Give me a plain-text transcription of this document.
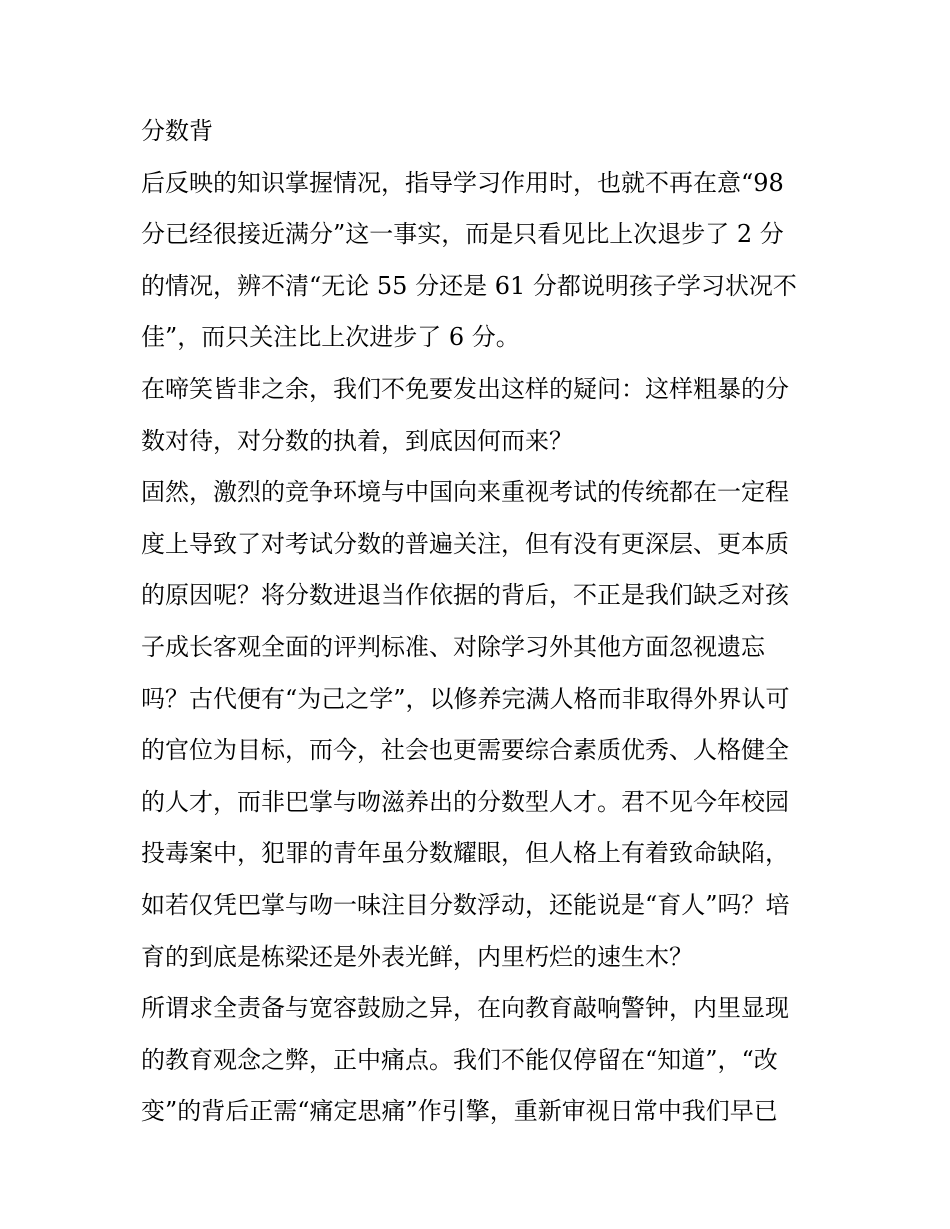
分数背
后反映的知识掌握情况，指导学习作用时，也就不再在意“98
分已经很接近满分”这一事实，而是只看见比上次退步了 2 分
的情况，辨不清“无论 55 分还是 61 分都说明孩子学习状况不
佳”，而只关注比上次进步了 6 分。
在啼笑皆非之余，我们不免要发出这样的疑问：这样粗暴的分
数对待，对分数的执着，到底因何而来？
固然，激烈的竞争环境与中国向来重视考试的传统都在一定程
度上导致了对考试分数的普遍关注，但有没有更深层、更本质
的原因呢？将分数进退当作依据的背后，不正是我们缺乏对孩
子成长客观全面的评判标准、对除学习外其他方面忽视遗忘
吗？古代便有“为己之学”，以修养完满人格而非取得外界认可
的官位为目标，而今，社会也更需要综合素质优秀、人格健全
的人才，而非巴掌与吻滋养出的分数型人才。君不见今年校园
投毒案中，犯罪的青年虽分数耀眼，但人格上有着致命缺陷，
如若仅凭巴掌与吻一味注目分数浮动，还能说是“育人”吗？培
育的到底是栋梁还是外表光鲜，内里朽烂的速生木？
所谓求全责备与宽容鼓励之异，在向教育敲响警钟，内里显现
的教育观念之弊，正中痛点。我们不能仅停留在“知道”，“改
变”的背后正需“痛定思痛”作引擎，重新审视日常中我们早已
